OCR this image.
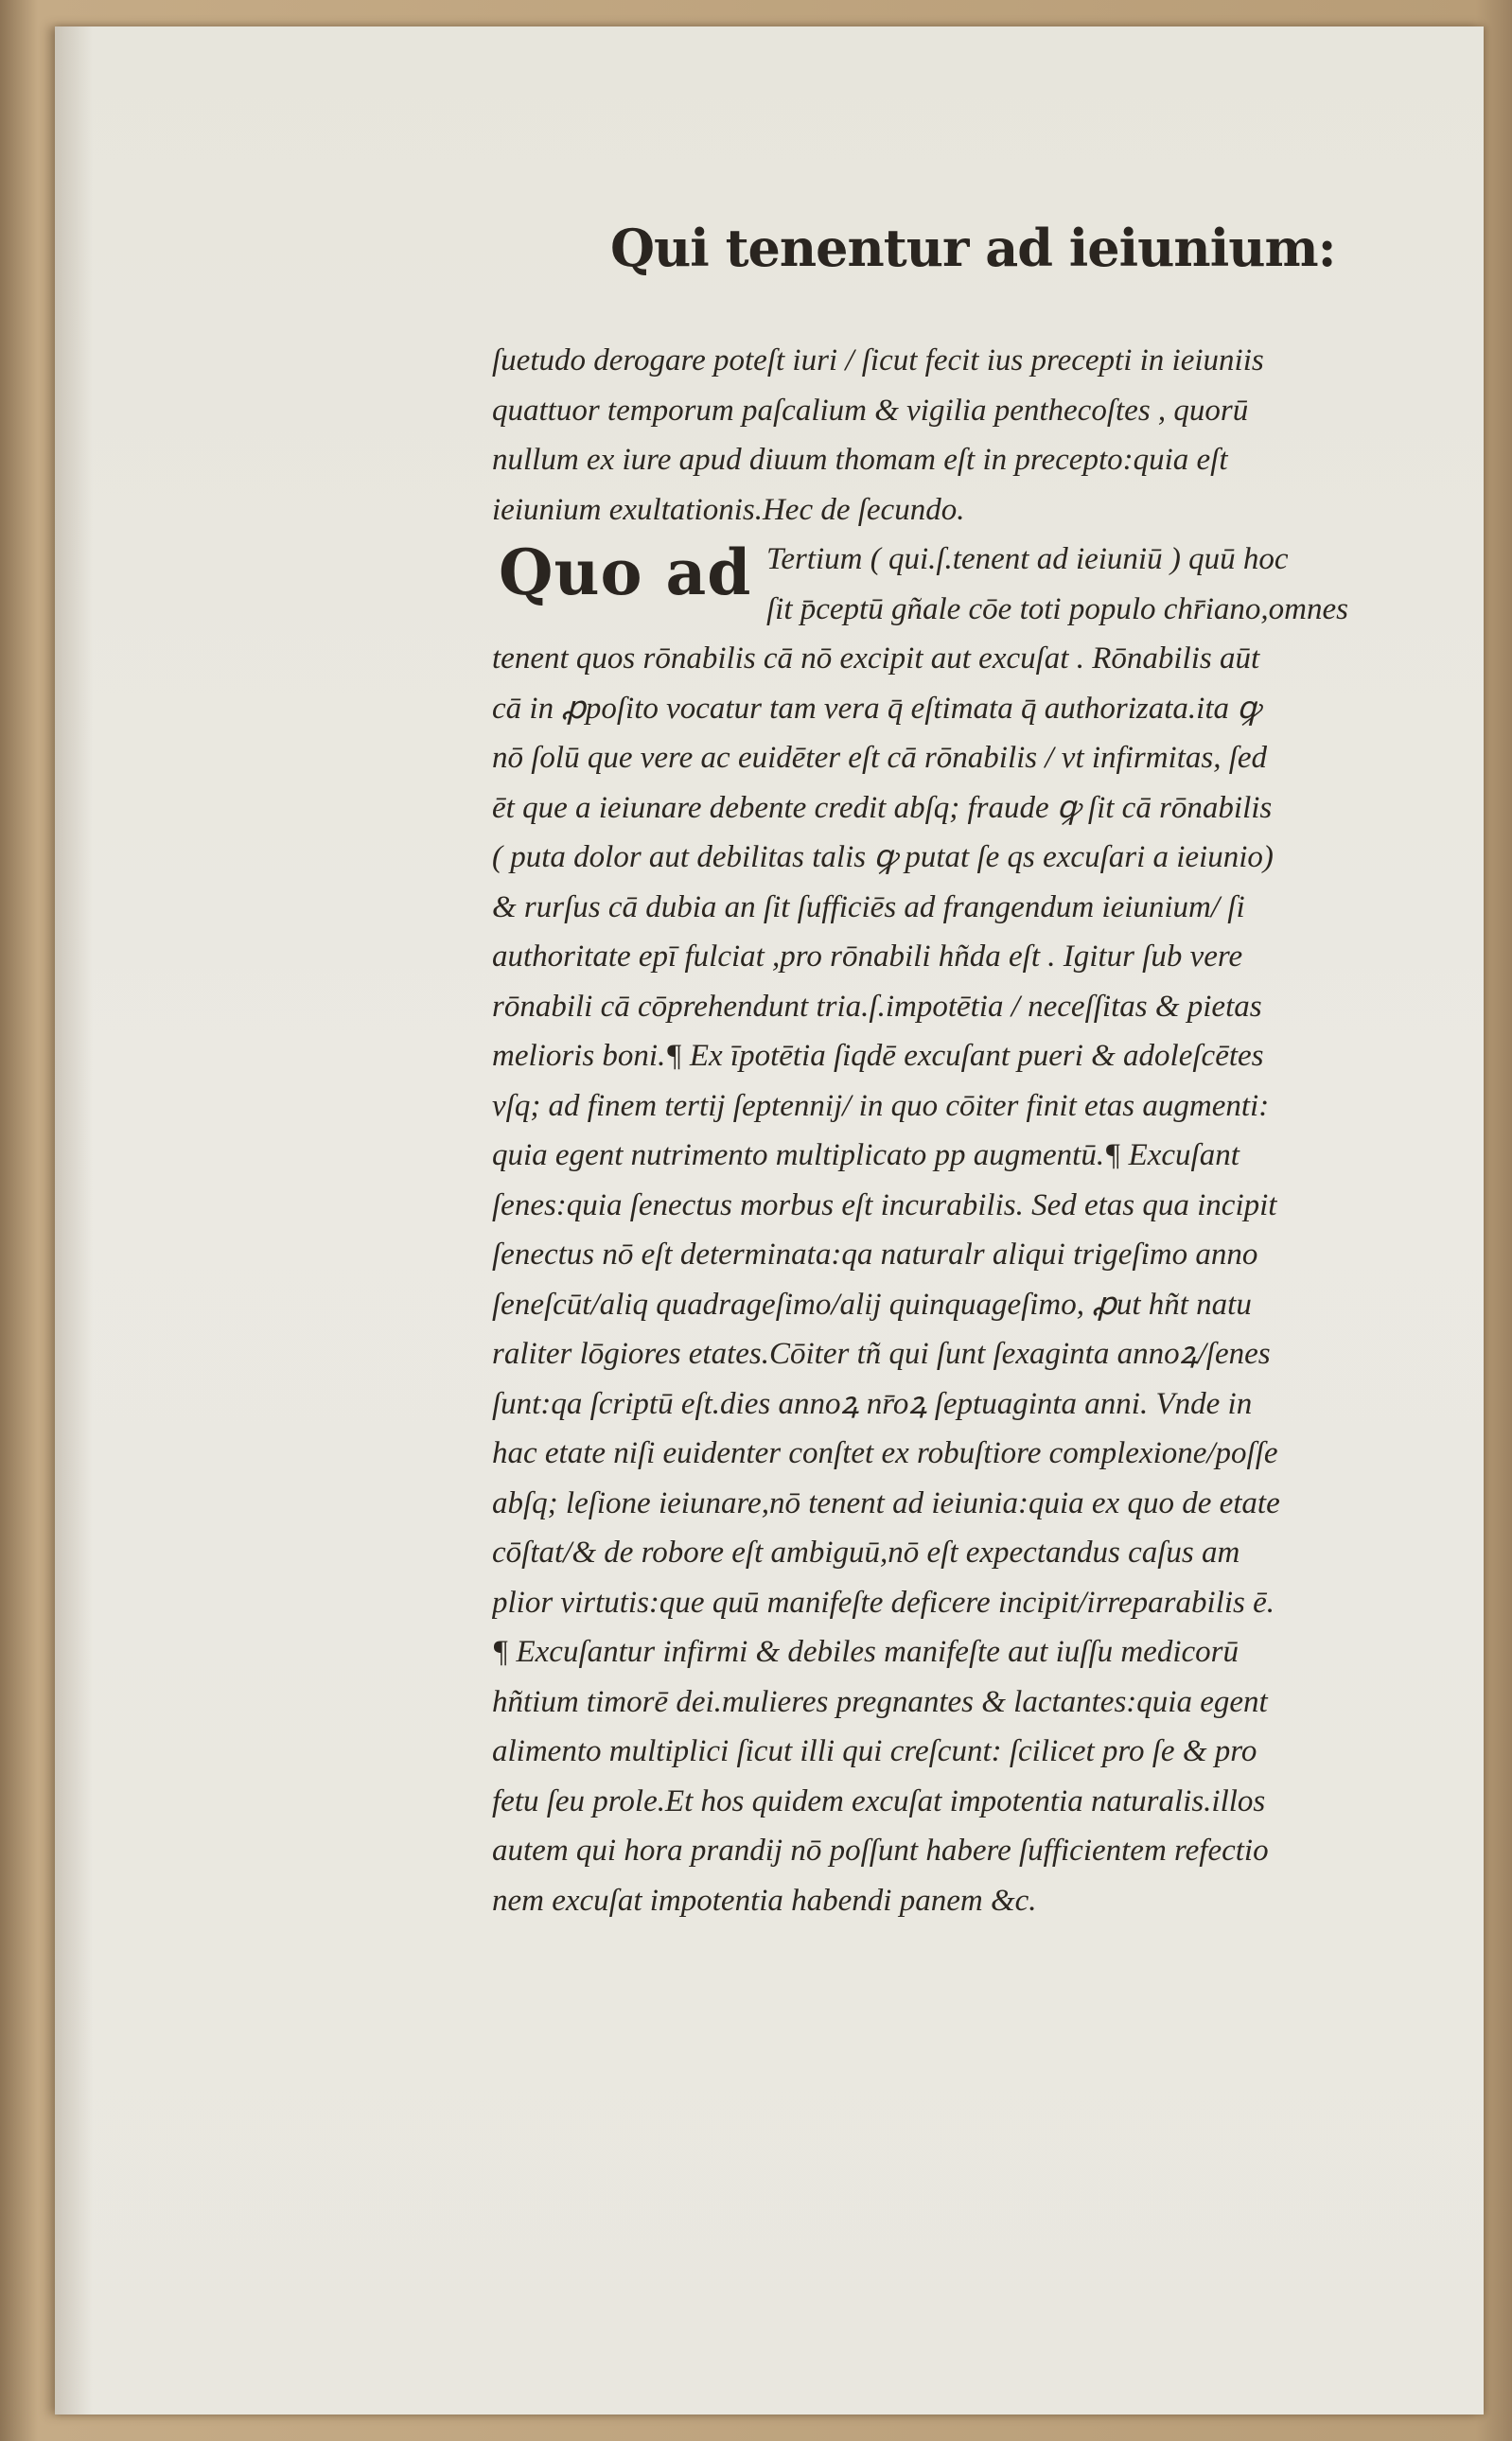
Qui tenentur ad ieiunium:
Quo ad
ſuetudo derogare poteſt iuri / ſicut fecit ius precepti in ieiuniis
quattuor temporum paſcalium & vigilia penthecoſtes , quorū
nullum ex iure apud diuum thomam eſt in precepto:quia eſt
ieiunium exultationis.Hec de ſecundo.
Tertium ( qui.ſ.tenent ad ieiuniū ) quū hoc
ſit p̄ceptū gñale cōe toti populo chr̄iano,omnes
tenent quos rōnabilis cā nō excipit aut excuſat . Rōnabilis aūt
cā in ꝓpoſito vocatur tam vera q̄ eſtimata q̄ authorizata.ita ꝙ
nō ſolū que vere ac euidēter eſt cā rōnabilis / vt infirmitas, ſed
ēt que a ieiunare debente credit abſq; fraude ꝙ ſit cā rōnabilis
( puta dolor aut debilitas talis ꝙ putat ſe qs excuſari a ieiunio)
& rurſus cā dubia an ſit ſufficiēs ad frangendum ieiunium/ ſi
authoritate epī fulciat ,pro rōnabili hñda eſt . Igitur ſub vere
rōnabili cā cōprehendunt tria.ſ.impotētia / neceſſitas & pietas
melioris boni.¶ Ex īpotētia ſiqdē excuſant pueri & adoleſcētes
vſq; ad finem tertij ſeptennij/ in quo cōiter finit etas augmenti:
quia egent nutrimento multiplicato pp augmentū.¶ Excuſant
ſenes:quia ſenectus morbus eſt incurabilis. Sed etas qua incipit
ſenectus nō eſt determinata:qa naturalr aliqui trigeſimo anno
ſeneſcūt/aliq quadrageſimo/alij quinquageſimo, ꝓut hñt natu
raliter lōgiores etates.Cōiter tñ qui ſunt ſexaginta annoꝝ/ſenes
ſunt:qa ſcriptū eſt.dies annoꝝ nr̄oꝝ ſeptuaginta anni. Vnde in
hac etate niſi euidenter conſtet ex robuſtiore complexione/poſſe
abſq; leſione ieiunare,nō tenent ad ieiunia:quia ex quo de etate
cōſtat/& de robore eſt ambiguū,nō eſt expectandus caſus am
plior virtutis:que quū manifeſte deficere incipit/irreparabilis ē.
¶ Excuſantur infirmi & debiles manifeſte aut iuſſu medicorū
hñtium timorē dei.mulieres pregnantes & lactantes:quia egent
alimento multiplici ſicut illi qui creſcunt: ſcilicet pro ſe & pro
fetu ſeu prole.Et hos quidem excuſat impotentia naturalis.illos
autem qui hora prandij nō poſſunt habere ſufficientem refectio
nem excuſat impotentia habendi panem &c.
